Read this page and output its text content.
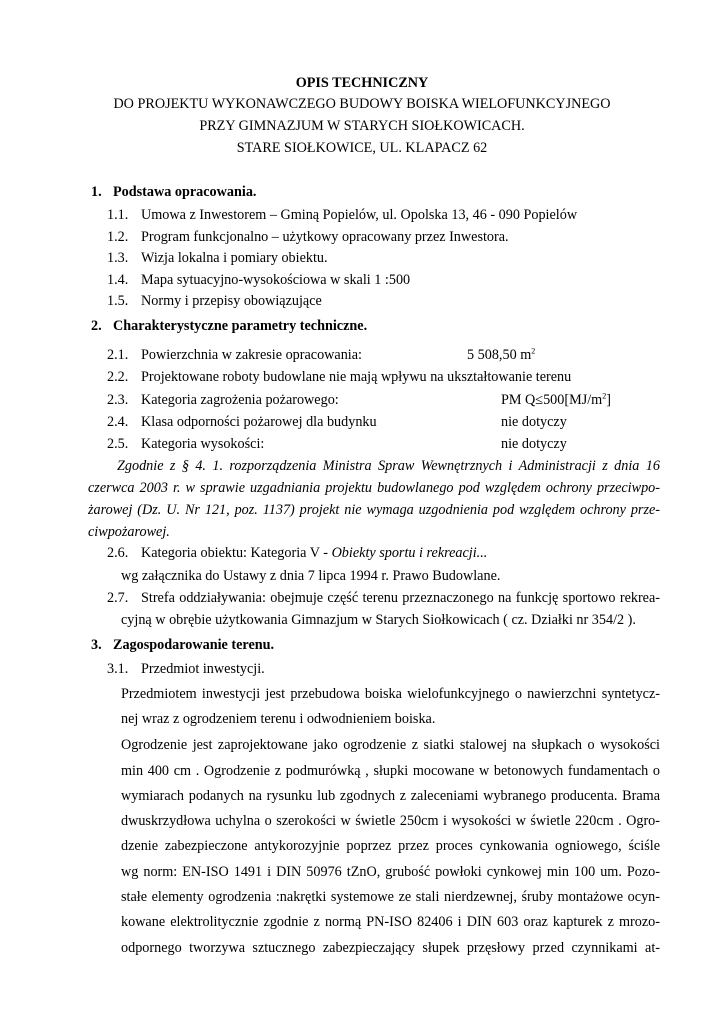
OPIS TECHNICZNY
DO PROJEKTU WYKONAWCZEGO BUDOWY BOISKA WIELOFUNKCYJNEGO
PRZY GIMNAZJUM W STARYCH SIOŁKOWICACH.
STARE SIOŁKOWICE, UL. KLAPACZ 62
1. Podstawa opracowania.
1.1. Umowa z Inwestorem – Gminą Popielów, ul. Opolska 13, 46 - 090 Popielów
1.2. Program funkcjonalno – użytkowy opracowany przez Inwestora.
1.3. Wizja lokalna i pomiary obiektu.
1.4. Mapa sytuacyjno-wysokościowa w skali 1 :500
1.5. Normy i przepisy obowiązujące
2. Charakterystyczne parametry techniczne.
2.1. Powierzchnia w zakresie opracowania:	5 508,50 $m^2$
2.2. Projektowane roboty budowlane nie mają wpływu na ukształtowanie terenu
2.3. Kategoria zagrożenia pożarowego:	PM $Q\le 500[MJ/m^2]$
2.4. Klasa odporności pożarowej dla budynku	nie dotyczy
2.5. Kategoria wysokości:	nie dotyczy
Zgodnie z § 4. 1. rozporządzenia Ministra Spraw Wewnętrznych i Administracji z dnia 16
czerwca 2003 r. w sprawie uzgadniania projektu budowlanego pod względem ochrony przeciwpo-
żarowej (Dz. U. Nr 121, poz. 1137) projekt nie wymaga uzgodnienia pod względem ochrony prze-
ciwpożarowej.
2.6. Kategoria obiektu: Kategoria V - Obiekty sportu i rekreacji...
wg załącznika do Ustawy z dnia 7 lipca 1994 r. Prawo Budowlane.
2.7. Strefa oddziaływania: obejmuje część terenu przeznaczonego na funkcję sportowo rekrea-
cyjną w obrębie użytkowania Gimnazjum w Starych Siołkowicach ( cz. Działki nr 354/2 ).
3. Zagospodarowanie terenu.
3.1. Przedmiot inwestycji.
Przedmiotem inwestycji jest przebudowa boiska wielofunkcyjnego o nawierzchni syntetycz-
nej wraz z ogrodzeniem terenu i odwodnieniem boiska.
Ogrodzenie jest zaprojektowane jako ogrodzenie z siatki stalowej na słupkach o wysokości
min 400 cm . Ogrodzenie z podmurówką , słupki mocowane w betonowych fundamentach o
wymiarach podanych na rysunku lub zgodnych z zaleceniami wybranego producenta. Brama
dwuskrzydłowa uchylna o szerokości w świetle 250cm i wysokości w świetle 220cm . Ogro-
dzenie zabezpieczone antykorozyjnie poprzez przez proces cynkowania ogniowego, ściśle
wg norm: EN-ISO 1491 i DIN 50976 tZnO, grubość powłoki cynkowej min 100 um. Pozo-
stałe elementy ogrodzenia :nakrętki systemowe ze stali nierdzewnej, śruby montażowe ocyn-
kowane elektrolitycznie zgodnie z normą PN-ISO 82406 i DIN 603 oraz kapturek z mrozo-
odpornego tworzywa sztucznego zabezpieczający słupek przęsłowy przed czynnikami at-
